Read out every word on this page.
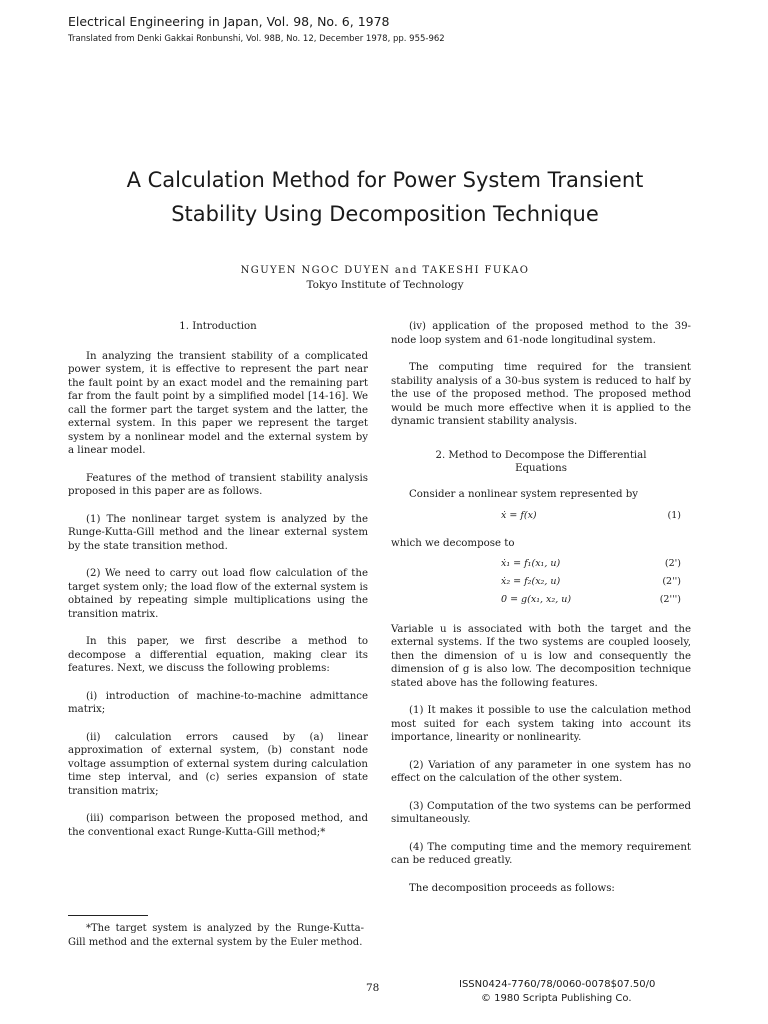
Electrical Engineering in Japan, Vol. 98, No. 6, 1978
Translated from Denki Gakkai Ronbunshi, Vol. 98B, No. 12, December 1978, pp. 955-962
A Calculation Method for Power System Transient
Stability Using Decomposition Technique
NGUYEN NGOC DUYEN and TAKESHI FUKAO
Tokyo Institute of Technology
1. Introduction

In analyzing the transient stability of a complicated power system, it is effective to represent the part near the fault point by an exact model and the remaining part far from the fault point by a simplified model [14-16]. We call the former part the target system and the latter, the external system. In this paper we represent the target system by a nonlinear model and the external system by a linear model.

Features of the method of transient stability analysis proposed in this paper are as follows.

(1) The nonlinear target system is analyzed by the Runge-Kutta-Gill method and the linear external system by the state transition method.

(2) We need to carry out load flow calculation of the target system only; the load flow of the external system is obtained by repeating simple multiplications using the transition matrix.

In this paper, we first describe a method to decompose a differential equation, making clear its features. Next, we discuss the following problems:

(i) introduction of machine-to-machine admittance matrix;

(ii) calculation errors caused by (a) linear approximation of external system, (b) constant node voltage assumption of external system during calculation time step interval, and (c) series expansion of state transition matrix;

(iii) comparison between the proposed method, and the conventional exact Runge-Kutta-Gill method;*

(iv) application of the proposed method to the 39-node loop system and 61-node longitudinal system.

The computing time required for the transient stability analysis of a 30-bus system is reduced to half by the use of the proposed method. The proposed method would be much more effective when it is applied to the dynamic transient stability analysis.

2. Method to Decompose the Differential
Equations

Consider a nonlinear system represented by

ẋ = f(x)	(1)

which we decompose to

ẋ₁ = f₁(x₁, u)	(2')
ẋ₂ = f₂(x₂, u)	(2'')
0 = g(x₁, x₂, u)	(2''')

Variable u is associated with both the target and the external systems. If the two systems are coupled loosely, then the dimension of u is low and consequently the dimension of g is also low. The decomposition technique stated above has the following features.

(1) It makes it possible to use the calculation method most suited for each system taking into account its importance, linearity or nonlinearity.

(2) Variation of any parameter in one system has no effect on the calculation of the other system.

(3) Computation of the two systems can be performed simultaneously.

(4) The computing time and the memory requirement can be reduced greatly.

The decomposition proceeds as follows:

*The target system is analyzed by the Runge-Kutta-Gill method and the external system by the Euler method.
78	ISSN0424-7760/78/0060-0078$07.50/0
© 1980 Scripta Publishing Co.
